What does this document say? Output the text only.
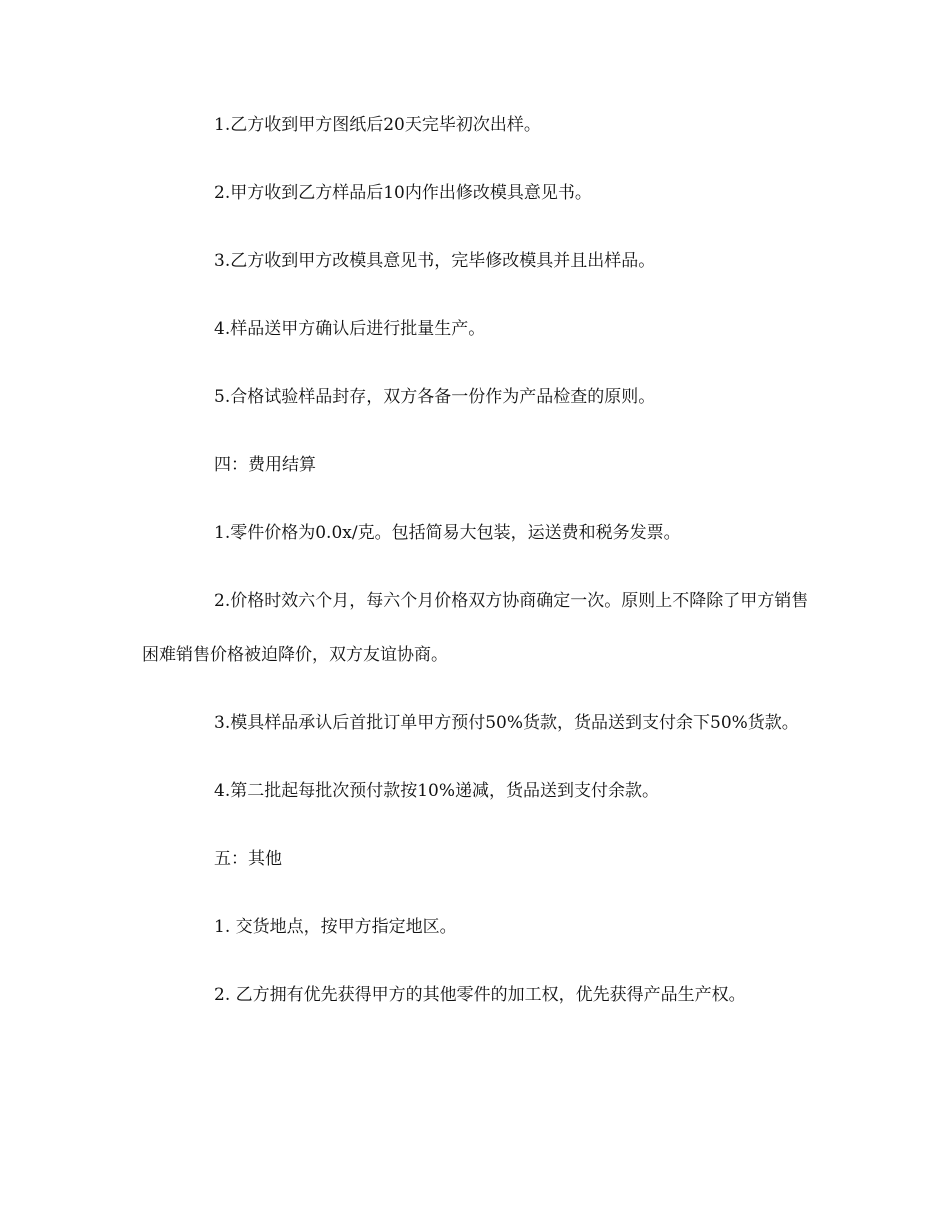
1.乙方收到甲方图纸后20天完毕初次出样。

2.甲方收到乙方样品后10内作出修改模具意见书。

3.乙方收到甲方改模具意见书，完毕修改模具并且出样品。

4.样品送甲方确认后进行批量生产。

5.合格试验样品封存，双方各备一份作为产品检查的原则。

四：费用结算

1.零件价格为0.0x/克。包括简易大包装，运送费和税务发票。

2.价格时效六个月，每六个月价格双方协商确定一次。原则上不降除了甲方销售困难销售价格被迫降价，双方友谊协商。

3.模具样品承认后首批订单甲方预付50%货款，货品送到支付余下50%货款。

4.第二批起每批次预付款按10%递减，货品送到支付余款。

五：其他

1. 交货地点，按甲方指定地区。

2. 乙方拥有优先获得甲方的其他零件的加工权，优先获得产品生产权。
